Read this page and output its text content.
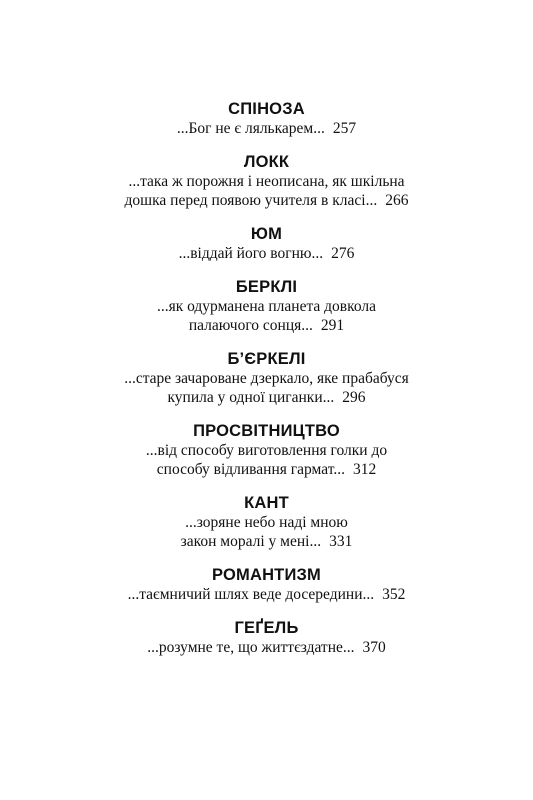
СПІНОЗА
...Бог не є лялькарем... 257
ЛОКК
...така ж порожня і неописана, як шкільна
дошка перед появою учителя в класі... 266
ЮМ
...віддай його вогню... 276
БЕРКЛІ
...як одурманена планета довкола
палаючого сонця... 291
Б’ЄРКЕЛІ
...старе зачароване дзеркало, яке прабабуся
купила у одної циганки... 296
ПРОСВІТНИЦТВО
...від способу виготовлення голки до
способу відливання гармат... 312
КАНТ
...зоряне небо наді мною
закон моралі у мені... 331
РОМАНТИЗМ
...таємничий шлях веде досередини... 352
ГЕҐЕЛЬ
...розумне те, що життєздатне... 370
